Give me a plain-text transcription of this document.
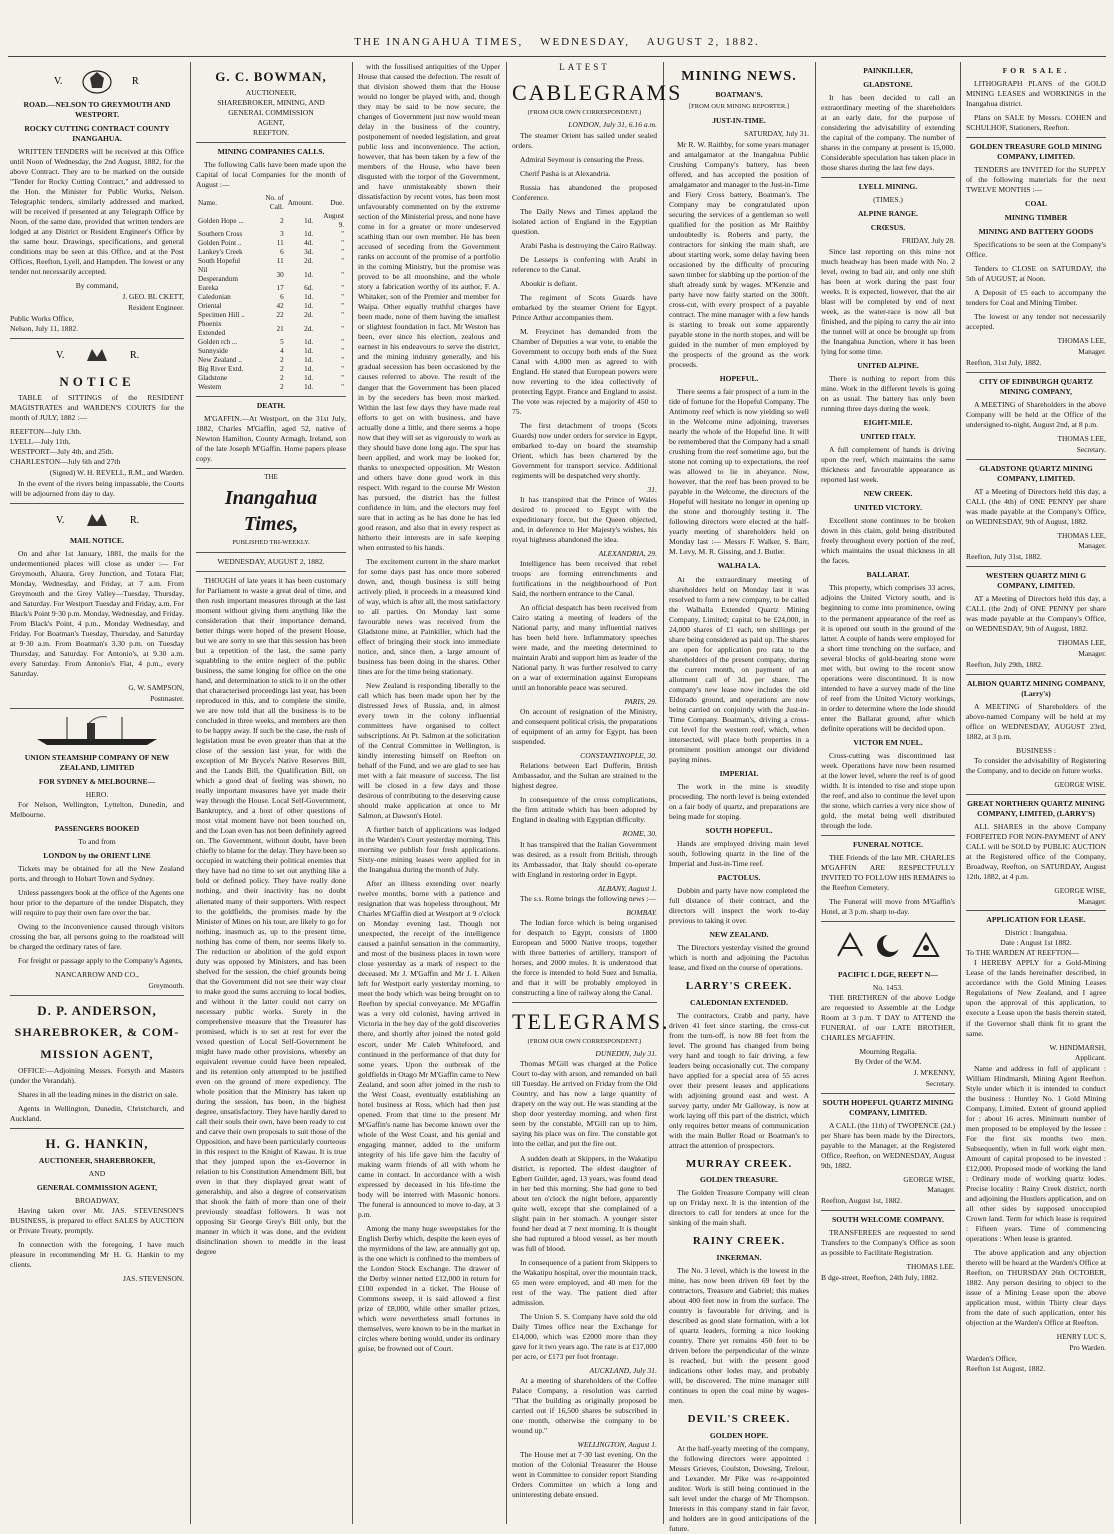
THE INANGAHUA TIMES, WEDNESDAY, AUGUST 2, 1882.
V.	R
ROAD.—NELSON TO GREYMOUTH AND WESTPORT.
ROCKY CUTTING CONTRACT COUNTY INANGAHUA.

WRITTEN TENDERS will be received at this Office until Noon of Wednesday, the 2nd August, 1882, for the above Contract. They are to be marked on the outside "Tender for Rocky Cutting Contract," and addressed to the Hon. the Minister for Public Works, Nelson. Telegraphic tenders, similarly addressed and marked, will be received if presented at any Telegraph Office by Noon, of the same date, provided that written tenders are lodged at any District or Resident Engineer's Office by the same hour. Drawings, specifications, and general conditions may be seen at this Office, and at the Post Offices, Reefton, Lyell, and Hampden. The lowest or any tender not necessarily accepted.

By command,
J. GEO. BL CKETT,
Resident Engineer.
Public Works Office,
Nelson, July 11, 1882.
V.	R.
NOTICE

TABLE of SITTINGS of the RESIDENT MAGISTRATES and WARDEN'S COURTS for the month of JULY, 1882 :—

REEFTON—July 13th.
LYELL—July 11th.
WESTPORT—July 4th, and 25th.
CHARLESTON—July 6th and 27th
(Signed) W. H. REVELL, R.M., and Warden.

In the event of the rivers being impassable, the Courts will be adjourned from day to day.

V.	R.
MAIL NOTICE.

On and after 1st January, 1881, the mails for the undermentioned places will close as under :— For Greymouth, Ahaura, Grey Junction, and Totara Flat; Monday, Wednesday, and Friday, at 7 a.m. From Greymouth and the Grey Valley—Tuesday, Thursday, and Saturday. For Westport Tuesday and Friday, a.m. For Black's Point 9·30 p.m. Monday, Wednesday, and Friday. From Black's Point, 4 p.m., Monday Wednesday, and Friday. For Boatman's Tuesday, Thursday, and Saturday at 9·30 a.m. From Boatman's 3.30 p.m. on Tuesday Thursday, and Saturday. For Antonio's, at 9.30 a.m. every Saturday. From Antonio's Flat, 4 p.m., every Saturday.

G. W. SAMPSON,
Postmaster.
UNION STEAMSHIP COMPANY OF NEW ZEALAND, LIMITED
FOR SYDNEY & MELBOURNE—
HERO.

For Nelson, Wellington, Lyttelton, Dunedin, and Melbourne.

PASSENGERS BOOKED
To and from
LONDON by the ORIENT LINE

Tickets may be obtained for all the New Zealand ports, and through to Hobart Town and Sydney.

Unless passengers book at the office of the Agents one hour prior to the departure of the tender Dispatch, they will require to pay their own fare over the bar.

Owing to the inconvenience caused through visitors crossing the bar, all persons going to the roadstead will be charged the ordinary rates of fare.

For freight or passage apply to the Company's Agents,

NANCARROW AND CO.,
Greymouth.
D. P. ANDERSON,
SHAREBROKER, & COM-
MISSION AGENT,

OFFICE:—Adjoining Messrs. Forsyth and Masters (under the Verandah).

Shares in all the leading mines in the district on sale.

Agents in Wellington, Dunedin, Christchurch, and Auckland.

H. G. HANKIN,
AUCTIONEER, SHAREBROKER,
AND
GENERAL COMMISSION AGENT,
BROADWAY,

Having taken over Mr. JAS. STEVENSON'S BUSINESS, is prepared to effect SALES by AUCTION or Private Treaty, promptly.

In connection with the foregoing, I have much pleasure in recommending Mr H. G. Hankin to my clients.

JAS. STEVENSON.
G. C. BOWMAN,
AUCTIONEER,
SHAREBROKER, MINING, AND
GENERAL COMMISSION
AGENT,
REEFTON.
MINING COMPANIES CALLS.

The following Calls have been made upon the Capital of local Companies for the month of August :—

Name.	No. of Call.	Amount.	Due.
Golden Hope ...	2	1d.	August 9.
Southern Cross	3	1d.	"
Golden Point ..	11	4d.	"
Lankey's Creek	6	3d.	"
South Hopeful	11	2d.	"
Nil Desperandum	30	1d.	"
Eureka	17	6d.	"
Caledonian	6	1d.	"
Oriental	42	1d.	"
Specimen Hill ..	22	2d.	"
Phoenix Extended	21	2d.	"
Golden rch ...	5	1d.	"
Sunnyside	4	1d.	"
New Zealand ..	2	1d.	"
Big River Extd.	2	1d.	"
Gladstone	2	1d.	"
Western	2	1d.	"
DEATH.

M'GAFFIN.—At Westport, on the 31st July, 1882, Charles M'Gaffin, aged 52, native of Newton Hamilton, County Armagh, Ireland, son of the late Joseph M'Gaffin. Home papers please copy.

THE
Inangahua Times,
PUBLISHED TRI-WEEKLY.
WEDNESDAY, AUGUST 2, 1882.

THOUGH of late years it has been customary for Parliament to waste a great deal of time, and then rush important measures through at the last moment without giving them anything like the consideration that their importance demand, better things were hoped of the present House, but we are sorry to see that this session has been but a repetition of the last, the same party squabbling to the entire neglect of the public business, the same longing for office on the one hand, and determination to stick to it on the other that characterised proceedings last year, has been reproduced in this, and to complete the simile, we are now told that all the business is to be concluded in three weeks, and members are then to be happy away. If such be the case, the rush of legislation must be even greater than that at the close of the session last year, for with the exception of Mr Bryce's Native Reserves Bill, and the Lands Bill, the Qualification Bill, on which a good deal of feeling was shown, no really important measures have yet made their way through the House. Local Self-Government, Bankruptcy, and a host of other questions of most vital moment have not been touched on, and the Loan even has not been definitely agreed on. The Government, without doubt, have been chiefly to blame for the delay. They have been so occupied in watching their political enemies that they have had no time to set out anything like a bold or defined policy. They have really done nothing, and their inactivity has no doubt alienated many of their supporters. With respect to the goldfields, the promises made by the Minister of Mines on his tour, are likely to go for nothing, inasmuch as, up to the present time, nothing has come of them, nor seems likely to. The reduction or abolition of the gold export duty was opposed by Ministers, and has been shelved for the session, the chief grounds being that the Government did not see their way clear to make good the sums accruing to local bodies, and without it the latter could not carry on necessary public works. Surely in the comprehensive measure that the Treasurer has promised, which is to set at rest for ever the vexed question of Local Self-Government he might have made other provisions, whereby an equivalent revenue could have been repealed, and its retention only attempted to be justified even on the ground of mere expediency. The whole position that the Ministry has taken up during the session, has been, in the highest degree, unsatisfactory. They have hardly dared to call their souls their own, have been ready to cut and carve their own proposals to suit those of the Opposition, and have been particularly courteous in this respect to the Knight of Kawau. It is true that they jumped upon the ex-Governor in relation to his Constitution Amendment Bill, but even in that they displayed great want of generalship, and also a degree of conservatism that shook the faith of more than one of their previously steadfast followers. It was not opposing Sir George Grey's Bill only, but the manner in which it was done, and the evident disinclination shown to meddle in the least degree

with the fossilised antiquities of the Upper House that caused the defection. The result of that division showed them that the House would no longer be played with, and, though they may be said to be now secure, the changes of Government just now would mean delay in the business of the country, postponement of needed legislation, and great public loss and inconvenience. The action, however, that has been taken by a few of the members of the House, who have been disgusted with the torpor of the Government, and have unmistakeably shown their dissatisfaction by recent votes, has been most unfavourably commented on by the extreme section of the Ministerial press, and none have come in for a greater or more undeserved scathing than our own member. He has been accused of seceding from the Government ranks on account of the promise of a portfolio in the coming Ministry, but the promise was proved to be all moonshine, and the whole story a fabrication worthy of its author, F. A. Whitaker, son of the Premier and member for Waipa. Other equally truthful charges have been made, none of them having the smallest or slightest foundation in fact. Mr Weston has been, ever since his election, zealous and earnest in his endeavours to serve the district, and the mining industry generally, and his gradual secession has been occasioned by the causes referred to above. The result of the danger that the Government has been placed in by the seceders has been most marked. Within the last few days they have made real efforts to get on with business, and have actually done a little, and there seems a hope now that they will set as vigorously to work as they should have done long ago. The spur has been applied, and work may be looked for, thanks to unexpected opposition. Mr Weston and others have done good work in this respect. With regard to the course Mr Weston has pursued, the district has the fullest confidence in him, and the electors may feel sure that in acting as he has done he has led good reason, and also that in every respect as hitherto their interests are in safe keeping when entrusted to his hands.

The excitement current in the share market for some days past has once more sobered down, and, though business is still being actively plied, it proceeds in a measured kind of way, which is after all, the most satisfactory to all parties. On Monday last some favourable news was received from the Gladstone mine, at Painkiller, which had the effect of bringing their stock into immediate notice, and, since then, a large amount of business has been doing in the shares. Other lines are for the time being stationary.

New Zealand is responding liberally to the call which has been made upon her by the distressed Jews of Russia, and, in almost every town in the colony influential committees have organised to collect subscriptions. At Pt. Salmon at the solicitation of the Central Committee in Wellington, is kindly interesting himself on Reefton on behalf of the Fund, and we are glad to see has met with a fair measure of success. The list will be closed in a few days and those desirous of contributing to the deserving cause should make application at once to Mr Salmon, at Dawson's Hotel.

A further batch of applications was lodged in the Warden's Court yesterday morning. This morning we publish four fresh applications. Sixty-one mining leases were applied for in the Inangahua during the month of July.

After an illness extending over nearly twelve months, borne with a patience and resignation that was hopeless throughout, Mr Charles M'Gaffin died at Westport at 9 o'clock on Monday evening last. Though not unexpected, the receipt of the intelligence caused a painful sensation in the community, and most of the business places in town were close yesterday as a mark of respect to the deceased. Mr J. M'Gaffin and Mr J. I. Aiken left for Westport early yesterday morning, to meet the body which was being brought on to Reefton by special conveyance. Mr M'Gaffin was a very old colonist, having arrived in Victoria in the hey day of the gold discoveries there, and shortly after joined the noted gold escort, under Mr Caleb Whitefoord, and continued in the performance of that duty for some years. Upon the outbreak of the goldfields in Otago Mr M'Gaffin came to New Zealand, and soon after joined in the rush to the West Coast, eventually establishing an hotel business at Ross, which had then just opened. From that time to the present Mr M'Gaffin's name has become known over the whole of the West Coast, and his genial and engaging manner, added to the uniform integrity of his life gave him the faculty of making warm friends of all with whom he came in contact. In accordance with a wish expressed by deceased in his life-time the body will be interred with Masonic honors. The funeral is announced to move to-day, at 3 p.m.

Among the many huge sweepstakes for the English Derby which, despite the keen eyes of the myrmidons of the law, are annually got up, is the one which is confined to the members of the London Stock Exchange. The drawer of the Derby winner netted £12,000 in return for £100 expended in a ticket. The House of Commons sweep, it is said allowed a first prize of £8,000, while other smaller prizes, which were nevertheless small fortunes in themselves, were known to be in the market in circles where betting would, under its ordinary guise, be frowned out of Court.

LATEST
CABLEGRAMS
(FROM OUR OWN CORRESPONDENT.)
LONDON, July 31, 6.16 a.m.

The steamer Orient has sailed under sealed orders.

Admiral Seymour is censuring the Press.

Cherif Pasha is at Alexandria.

Russia has abandoned the proposed Conference.

The Daily News and Times applaud the isolated action of England in the Egyptian question.

Arabi Pasha is destroying the Cairo Railway.

De Lesseps is conferring with Arabi in reference to the Canal.

Aboukir is defiant.

The regiment of Scots Guards have embarked by the steamer Orient for Egypt. Prince Arthur accompanies them.

M. Freycinet has demanded from the Chamber of Deputies a war vote, to enable the Government to occupy both ends of the Suez Canal with 4,000 men as agreed to with England. He stated that European powers were now reverting to the idea collectively of protecting Egypt. France and England to assist. The vote was rejected by a majority of 450 to 75.

The first detachment of troops (Scots Guards) now under orders for service in Egypt, embarked to-day on board the steamship Orient, which has been chartered by the Government for transport service. Additional regiments will be despatched very shortly.

31.

It has transpired that the Prince of Wales desired to proceed to Egypt with the expeditionary force, but the Queen objected, and, in deference to Her Majesty's wishes, his royal highness abandoned the idea.

ALEXANDRIA, 29.

Intelligence has been received that rebel troops are forming entrenchments and fortifications in the neighbourhood of Port Said, the northern entrance to the Canal.

An official despatch has been received from Cairo stating a meeting of leaders of the National party, and many influential natives has been held here. Inflammatory speeches were made, and the meeting determined to maintain Arabi and support him as leader of the National party. It was further resolved to carry on a war of extermination against Europeans until an honorable peace was secured.

PARIS, 29.

On account of resignation of the Ministry, and consequent political crisis, the preparations of equipment of an army for Egypt, has been suspended.

CONSTANTINOPLE, 30.

Relations between Earl Dufferin, British Ambassador, and the Sultan are strained to the highest degree.

In consequence of the cross complications, the firm attitude which has been adopted by England in dealing with Egyptian difficulty.

ROME, 30.

It has transpired that the Italian Government was desired, as a result from British, through its Ambassador, that Italy should co-operate with England in restoring order in Egypt.

ALBANY, August 1.

The s.s. Rome brings the following news :—

BOMBAY.

The Indian force which is being organised for despatch to Egypt, consists of 1800 European and 5000 Native troops, together with three batteries of artillery, transport of horses, and 2000 mules. It is understood that the force is intended to hold Suez and Ismalia, and that it will be probably employed in constructing a line of railway along the Canal.

TELEGRAMS.
(FROM OUR OWN CORRESPONDENT.)
DUNEDIN, July 31.

Thomas M'Gill was charged at the Police Court to-day with arson, and remanded on bail till Tuesday. He arrived on Friday from the Old Country, and has now a large quantity of drapery on the way out. He was standing at the shop door yesterday morning, and when first seen by the constable, M'Gill ran up to him, saying his place was on fire. The constable got into the cellar, and put the fire out.

A sudden death at Skippers, in the Wakatipu district, is reported. The eldest daughter of Egbert Guilder, aged, 13 years, was found dead in her bed this morning. She had gone to bed about ten o'clock the night before, apparently quite well, except that she complained of a slight pain in her stomach. A younger sister found her dead at 7 next morning. It is thought she had ruptured a blood vessel, as her mouth was full of blood.

In consequence of a patient from Skippers to the Wakatipu hospital, over the mountain track, 65 men were employed, and 40 men for the rest of the way. The patient died after admission.

The Union S. S. Company have sold the old Daily Times office near the Exchange for £14,000, which was £2000 more than they gave for it two years ago. The rate is at £17,000 per acre, or £173 per foot frontage.

AUCKLAND, July 31.

At a meeting of shareholders of the Coffee Palace Company, a resolution was carried "That the building as originally proposed be carried out if 16,500 shares be subscribed in one month, otherwise the company to be wound up."

WELLINGTON, August 1.

The House met at 7·30 last evening. On the motion of the Colonial Treasurer the House went in Committee to consider report Standing Orders Committee on which a long and uninteresting debate ensued.

MINING NEWS.
BOATMAN'S.
[FROM OUR MINING REPORTER.]
JUST-IN-TIME.
SATURDAY, July 31.

Mr R. W. Raithby, for some years manager and amalgamator at the Inangahua Public Crushing Company's battery, has been offered, and has accepted the position of amalgamator and manager to the Just-in-Time and Fiery Cross battery, Boatman's. The Company may be congratulated upon securing the services of a gentleman so well qualified for the position as Mr Raithby undoubtedly is. Roberts and party, the contractors for sinking the main shaft, are about starting work, some delay having been occasioned by the difficulty of procuring sawn timber for slabbing up the portion of the shaft already sunk by wages. M'Kenzie and party have now fairly started on the 300ft. cross-cut, with every prospect of a payable contract. The mine manager with a few hands is starting to break out some apparently payable stone in the north stopes, and will be guided in the number of men employed by the prospects of the ground as the work proceeds.

HOPEFUL.

There seems a fair prospect of a turn in the tide of fortune for the Hopeful Company. The Antimony reef which is now yielding so well in the Welcome mine adjoining, traverses nearly the whole of the Hopeful line. It will be remembered that the Company had a small crushing from the reef sometime ago, but the stone not coming up to expectations, the reef was allowed to lie in abeyance. Now, however, that the reef has been proved to be payable in the Welcome, the directors of the Hopeful will hesitate no longer in opening up the stone and thoroughly testing it. The following directors were elected at the half-yearly meeting of shareholders held on Monday last :— Messrs F. Walker, S. Barr, M. Levy, M. R. Gissing, and J. Butler.

WALHA LA.

At the extraordinary meeting of shareholders held on Monday last it was resolved to form a new company, to be called the Walhalla Extended Quartz Mining Company, Limited; capital to be £24,000, in 24,000 shares of £1 each, ten shillings per share being considered as paid up. The shares are open for application pro rata to the shareholders of the present company, during the current month, on payment of an allotment call of 3d. per share. The company's new lease now includes the old Eldorado ground, and operations are now being carried on conjointly with the Just-in-Time Company. Boatman's, driving a cross-cut level for the western reef, which, when intersected, will place both properties in a prominent position amongst our dividend paying mines.

IMPERIAL

The work in the mine is steadily proceeding. The north level is being extended on a fair body of quartz, and preparations are being made for stoping.

SOUTH HOPEFUL.

Hands are employed driving main level south, following quartz in the line of the Imperial and Just-in-Time reef.

PACTOLUS.

Dobbin and party have now completed the full distance of their contract, and the directors will inspect the work to-day previous to taking it over.

NEW ZEALAND.

The Directors yesterday visited the ground which is north and adjoining the Pactolus lease, and fixed on the course of operations.

LARRY'S CREEK.
CALEDONIAN EXTENDED.

The contractors, Crabb and party, have driven 41 feet since starting, the cross-cut from the turn-off, is now 88 feet from the level. The ground has changed from being very hard and tough to fair driving, a few leaders being occasionally cut. The company have applied for a special area of 55 acres over their present leases and applications with adjoining ground east and west. A survey party, under Mr Galloway, is now at work laying off this part of the district, which only requires better means of communication with the main Buller Road or Boatman's to attract the attention of prospectors.

MURRAY CREEK.
GOLDEN TREASURE.

The Golden Treasure Company will clean up on Friday next. It is the intention of the directors to call for tenders at once for the sinking of the main shaft.

RAINY CREEK.
INKERMAN.

The No. 3 level, which is the lowest in the mine, has now been driven 69 feet by the contractors, Treasure and Gabriel; this makes about 400 feet now in from the surface. The country is favourable for driving, and is described as good slate formation, with a lot of quartz leaders, forming a nice looking country. There yet remains 450 feet to be driven before the perpendicular of the winze is reached, but with the present good indications other lodes may, and probably will, be discovered. The mine manager still continues to open the coal mine by wages-men.

DEVIL'S CREEK.
GOLDEN HOPE.

At the half-yearly meeting of the company, the following directors were appointed : Messrs Grieves, Coulston, Dowsing, Trelour, and Lexander. Mr Pike was re-appointed auditor. Work is still being continued in the salt level under the charge of Mr Thompson. Interests in this company stand in fair favor, and holders are in good anticipations of the future.

PAINKILLER,
GLADSTONE.

It has been decided to call an extraordinary meeting of the shareholders at an early date, for the purpose of considering the advisability of extending the capital of the company. The number of shares in the company at present is 15,000. Considerable speculation has taken place in those shares during the last few days.

LYELL MINING.
(TIMES.)
ALPINE RANGE.
CRŒSUS.
FRIDAY, July 28.

Since last reporting on this mine not much headway has been made with No. 2 level, owing to bad air, and only one shift has been at work during the past four weeks. It is expected, however, that the air blast will be completed by end of next week, as the water-race is now all but finished, and the piping to carry the air into the tunnel will at once be brought up from the Inangahua Junction, where it has been lying for some time.

UNITED ALPINE.

There is nothing to report from this mine. Work in the different levels is going on as usual. The battery has only been running three days during the week.

EIGHT-MILE.
UNITED ITALY.

A full complement of hands is driving upon the reef, which maintains the same thickness and favourable appearance as reported last week.

NEW CREEK.
UNITED VICTORY.

Excellent stone continues to be broken down in this claim, gold being distributed freely throughout every portion of the reef, which maintains the usual thickness in all the faces.

BALLARAT.

This property, which comprises 33 acres, adjoins the United Victory south, and is beginning to come into prominence, owing to the permanent appearance of the reef as it is opened out south in the ground of the latter. A couple of hands were employed for a short time trenching on the surface, and several blocks of gold-bearing stone were met with, but owing to the recent snow operations were discontinued. It is now intended to have a survey made of the line of reef from the United Victory workings, in order to determine where the lode should enter the Ballarat ground, after which definite operations will be decided upon.

VICTOR EM NUEL.

Cross-cutting was discontinued last week. Operations have now been resumed at the lower level, where the reef is of good width. It is intended to rise and stope upon the reef, and also to continue the level upon the stone, which carries a very nice show of gold, the metal being well distributed through the lode.

FUNERAL NOTICE.

THE Friends of the late MR. CHARLES M'GAFFIN ARE RESPECTFULLY INVITED TO FOLLOW HIS REMAINS to the Reefton Cemetery.

The Funeral will move from M'Gaffin's Hotel, at 3 p.m. sharp to-day.

PACIFIC L DGE, REEFT N—
No. 1453.

THE BRETHREN of the above Lodge are requested to Assemble at the Lodge Room at 3 p.m. T DAY to ATTEND the FUNERAL of our LATE BROTHER, CHARLES M'GAFFIN.

Mourning Regalia.
By Order of the W.M.
J. M'KENNY,
Secretary.
SOUTH HOPEFUL QUARTZ MINING COMPANY, LIMITED.

A CALL (the 11th) of TWOPENCE (2d.) per Share has been made by the Directors, payable to the Manager, at the Registered Office, Reefton, on WEDNESDAY, August 9th, 1882.

GEORGE WISE,
Manager.
Reefton, August 1st, 1882.
SOUTH WELCOME COMPANY.

TRANSFEREES are requested to send Transfers to the Company's Office as soon as possible to Facilitate Registration.

THOMAS LEE.
B dge-street, Reefton, 24th July, 1882.
FOR SALE.

LITHOGRAPH PLANS of the GOLD MINING LEASES and WORKINGS in the Inangahua district.

Plans on SALE by Messrs. COHEN and SCHULHOF, Stationers, Reefton.

GOLDEN TREASURE GOLD MINING COMPANY, LIMITED.

TENDERS are INVITED for the SUPPLY of the following materials for the next TWELVE MONTHS :—

COAL
MINING TIMBER
MINING AND BATTERY GOODS

Specifications to be seen at the Company's Office.

Tenders to CLOSE on SATURDAY, the 5th of AUGUST, at Noon.

A Deposit of £5 each to accompany the tenders for Coal and Mining Timber.

The lowest or any tender not necessarily accepted.

THOMAS LEE,
Manager.
Reefton, 31st July, 1882.
CITY OF EDINBURGH QUARTZ MINING COMPANY,

A MEETING of Shareholders in the above Company will be held at the Office of the undersigned to-night, August 2nd, at 8 p.m.

THOMAS LEE,
Secretary.
GLADSTONE QUARTZ MINING COMPANY, LIMITED.

AT a Meeting of Directors held this day, a CALL (the 4th) of ONE PENNY per share was made payable at the Company's Office, on WEDNESDAY, 9th of August, 1882.

THOMAS LEE,
Manager.
Reefton, July 31st, 1882.
WESTERN QUARTZ MINI G COMPANY, LIMITED.

AT a Meeting of Directors held this day, a CALL (the 2nd) of ONE PENNY per share was made payable at the Company's Office, on WEDNESDAY, 9th of August, 1882.

THOMAS LEE,
Manager.
Reefton, July 29th, 1882.
ALBION QUARTZ MINING COMPANY, (Larry's)

A MEETING of Shareholders of the above-named Company will be held at my office on WEDNESDAY, AUGUST 23rd, 1882, at 3 p.m.

BUSINESS :

To consider the advisability of Registering the Company, and to decide on future works.

GEORGE WISE.
GREAT NORTHERN QUARTZ MINING COMPANY, LIMITED, (LARRY'S)

ALL SHARES in the above Company FORFEITED FOR NON-PAYMENT of ANY CALL will be SOLD by PUBLIC AUCTION at the Registered office of the Company, Broadway, Reefton, on SATURDAY, August 12th, 1882, at 4 p.m.

GEORGE WISE,
Manager.
APPLICATION FOR LEASE.
District : Inangahua.
Date : August 1st 1882.
To THE WARDEN AT REEFTON—

I HEREBY APPLY for a Gold-Mining Lease of the lands hereinafter described, in accordance with the Gold Mining Leases Regulations of New Zealand, and I agree upon the approval of this application, to execute a Lease upon the basis therein stated, if the Governor shall think fit to grant the same.

W. HINDMARSH,
Applicant.

Name and address in full of applicant : William Hindmarsh, Mining Agent Reefton. Style under which it is intended to conduct the business : Huntley No. 1 Gold Mining Company, Limited. Extent of ground applied for : about 16 acres. Minimum number of men proposed to be employed by the lessee : For the first six months two men. Subsequently, when in full work eight men. Amount of capital proposed to be invested : £12,000. Proposed mode of working the land : Ordinary mode of working quartz lodes. Precise locality : Rainy Creek district, north and adjoining the Hustlers application, and on all other sides by supposed unoccupied Crown land. Term for which lease is required : Fifteen years. Time of commencing operations : When lease is granted.

The above application and any objection thereto will be heard at the Warden's Office at Reefton, on THURSDAY 26th OCTOBER, 1882. Any person desiring to object to the issue of a Mining Lease upon the above application must, within Thirty clear days from the date of such application, enter his objection at the Warden's Office at Reefton.

HENRY LUC S,
Pro Warden.
Warden's Office,
Reefton 1st August, 1882.
